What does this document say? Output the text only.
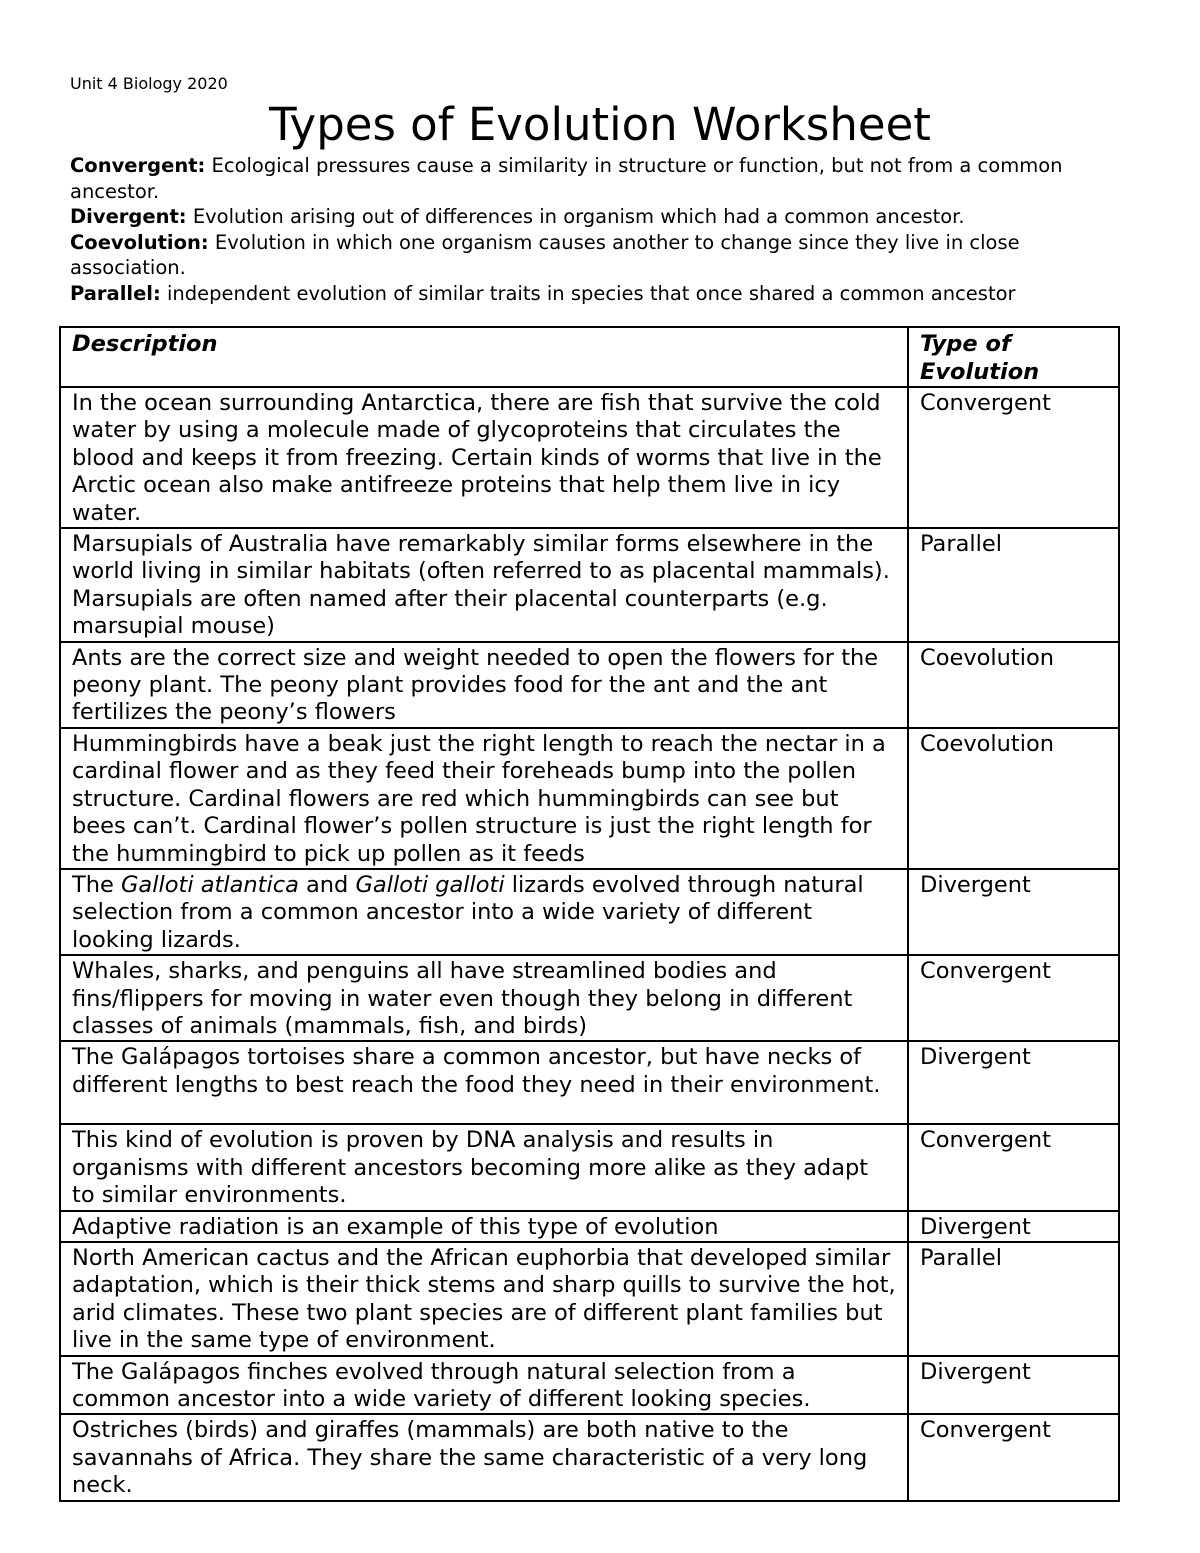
Unit 4 Biology 2020
Types of Evolution Worksheet

Convergent: Ecological pressures cause a similarity in structure or function, but not from a common ancestor.

Divergent: Evolution arising out of differences in organism which had a common ancestor.

Coevolution: Evolution in which one organism causes another to change since they live in close association.

Parallel: independent evolution of similar traits in species that once shared a common ancestor

Description	Type of Evolution
In the ocean surrounding Antarctica, there are fish that survive the cold water by using a molecule made of glycoproteins that circulates the blood and keeps it from freezing. Certain kinds of worms that live in the Arctic ocean also make antifreeze proteins that help them live in icy water.	Convergent
Marsupials of Australia have remarkably similar forms elsewhere in the world living in similar habitats (often referred to as placental mammals). Marsupials are often named after their placental counterparts (e.g. marsupial mouse)	Parallel
Ants are the correct size and weight needed to open the flowers for the peony plant. The peony plant provides food for the ant and the ant fertilizes the peony’s flowers	Coevolution
Hummingbirds have a beak just the right length to reach the nectar in a cardinal flower and as they feed their foreheads bump into the pollen structure. Cardinal flowers are red which hummingbirds can see but bees can’t. Cardinal flower’s pollen structure is just the right length for the hummingbird to pick up pollen as it feeds	Coevolution
The Galloti atlantica and Galloti galloti lizards evolved through natural selection from a common ancestor into a wide variety of different looking lizards.	Divergent
Whales, sharks, and penguins all have streamlined bodies and fins/flippers for moving in water even though they belong in different classes of animals (mammals, fish, and birds)	Convergent
The Galápagos tortoises share a common ancestor, but have necks of different lengths to best reach the food they need in their environment.	Divergent
This kind of evolution is proven by DNA analysis and results in organisms with different ancestors becoming more alike as they adapt to similar environments.	Convergent
Adaptive radiation is an example of this type of evolution	Divergent
North American cactus and the African euphorbia that developed similar adaptation, which is their thick stems and sharp quills to survive the hot, arid climates. These two plant species are of different plant families but live in the same type of environment.	Parallel
The Galápagos finches evolved through natural selection from a common ancestor into a wide variety of different looking species.	Divergent
Ostriches (birds) and giraffes (mammals) are both native to the savannahs of Africa. They share the same characteristic of a very long neck.	Convergent
